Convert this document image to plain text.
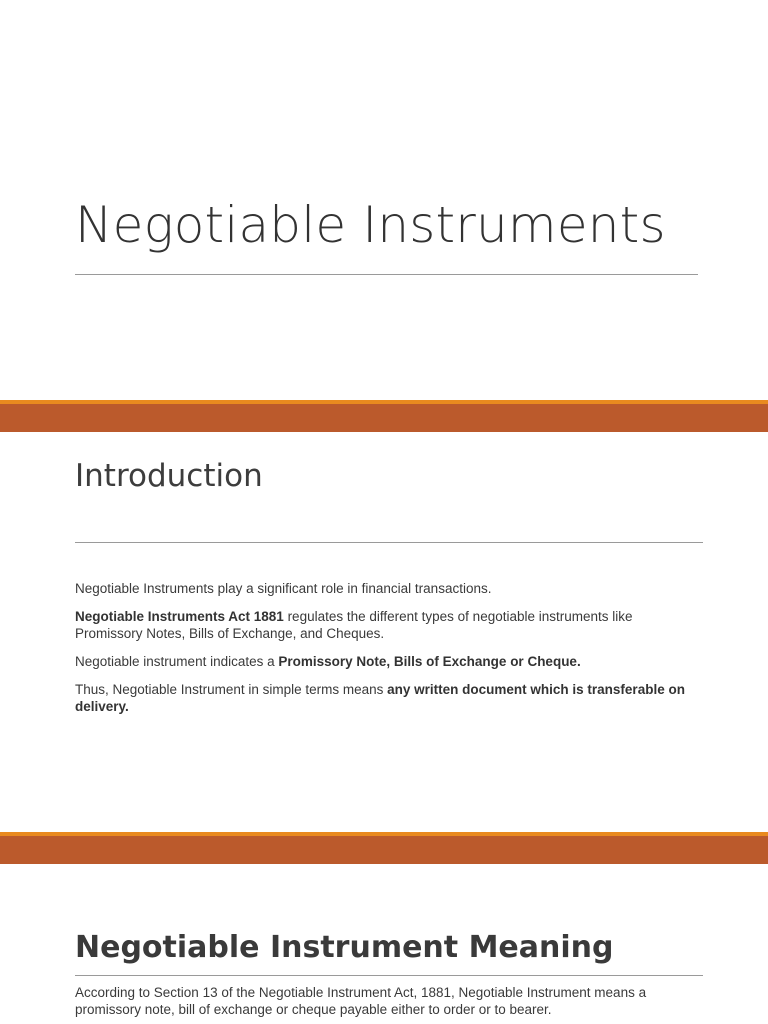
Negotiable Instruments
Introduction

Negotiable Instruments play a significant role in financial transactions.

Negotiable Instruments Act 1881 regulates the different types of negotiable instruments like Promissory Notes, Bills of Exchange, and Cheques.

Negotiable instrument indicates a Promissory Note, Bills of Exchange or Cheque.

Thus, Negotiable Instrument in simple terms means any written document which is transferable on delivery.

Negotiable Instrument Meaning

According to Section 13 of the Negotiable Instrument Act, 1881, Negotiable Instrument means a promissory note, bill of exchange or cheque payable either to order or to bearer.
